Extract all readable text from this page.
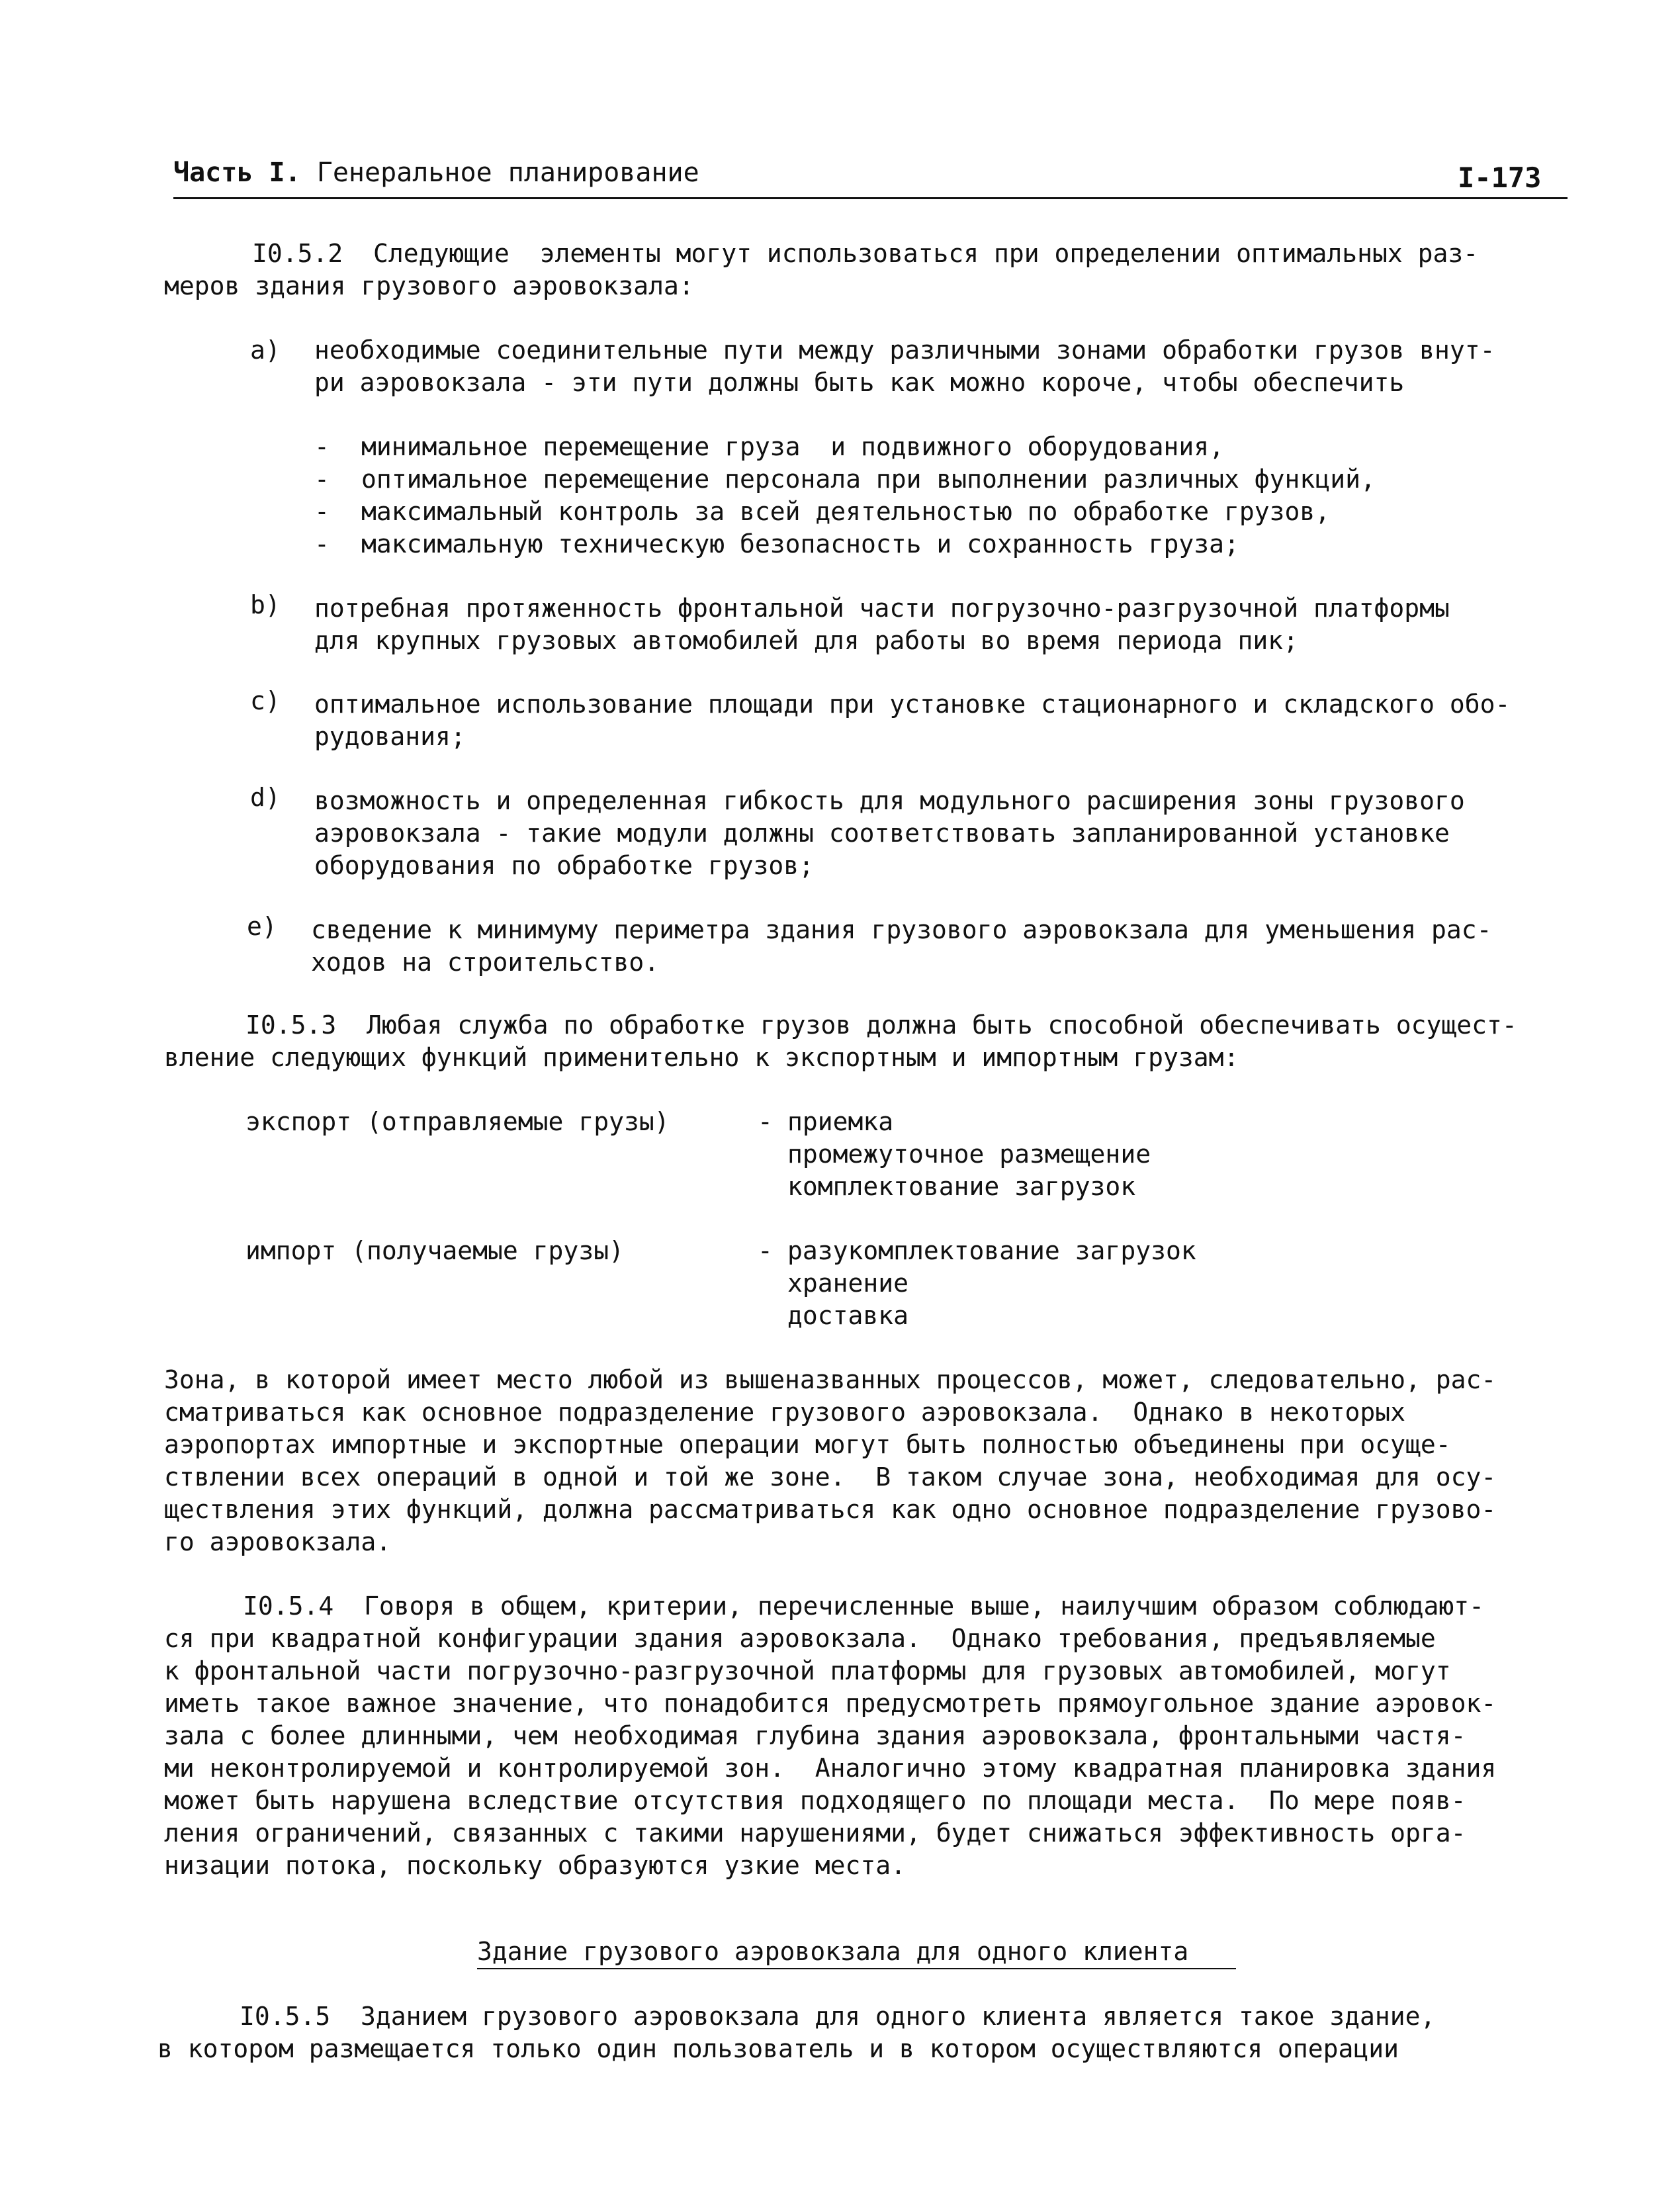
Часть I. Генеральное планирование	I-173
I0.5.2  Следующие  элементы могут использоваться при определении оптимальных раз-
меров здания грузового аэровокзала:
a) необходимые соединительные пути между различными зонами обработки грузов внут-
ри аэровокзала - эти пути должны быть как можно короче, чтобы обеспечить
- минимальное перемещение груза  и подвижного оборудования,
- оптимальное перемещение персонала при выполнении различных функций,
- максимальный контроль за всей деятельностью по обработке грузов,
- максимальную техническую безопасность и сохранность груза;
b) потребная протяженность фронтальной части погрузочно-разгрузочной платформы
для крупных грузовых автомобилей для работы во время периода пик;
c) оптимальное использование площади при установке стационарного и складского обо-
рудования;
d) возможность и определенная гибкость для модульного расширения зоны грузового
аэровокзала - такие модули должны соответствовать запланированной установке
оборудования по обработке грузов;
e) сведение к минимуму периметра здания грузового аэровокзала для уменьшения рас-
ходов на строительство.
I0.5.3  Любая служба по обработке грузов должна быть способной обеспечивать осущест-
вление следующих функций применительно к экспортным и импортным грузам:
экспорт (отправляемые грузы)	- приемка
промежуточное размещение
комплектование загрузок
импорт (получаемые грузы)	- разукомплектование загрузок
хранение
доставка
Зона, в которой имеет место любой из вышеназванных процессов, может, следовательно, рас-
сматриваться как основное подразделение грузового аэровокзала.  Однако в некоторых
аэропортах импортные и экспортные операции могут быть полностью объединены при осуще-
ствлении всех операций в одной и той же зоне.  В таком случае зона, необходимая для осу-
ществления этих функций, должна рассматриваться как одно основное подразделение грузово-
го аэровокзала.
I0.5.4  Говоря в общем, критерии, перечисленные выше, наилучшим образом соблюдают-
ся при квадратной конфигурации здания аэровокзала.  Однако требования, предъявляемые
к фронтальной части погрузочно-разгрузочной платформы для грузовых автомобилей, могут
иметь такое важное значение, что понадобится предусмотреть прямоугольное здание аэровок-
зала с более длинными, чем необходимая глубина здания аэровокзала, фронтальными частя-
ми неконтролируемой и контролируемой зон.  Аналогично этому квадратная планировка здания
может быть нарушена вследствие отсутствия подходящего по площади места.  По мере появ-
ления ограничений, связанных с такими нарушениями, будет снижаться эффективность орга-
низации потока, поскольку образуются узкие места.
Здание грузового аэровокзала для одного клиента
I0.5.5  Зданием грузового аэровокзала для одного клиента является такое здание,
в котором размещается только один пользователь и в котором осуществляются операции
